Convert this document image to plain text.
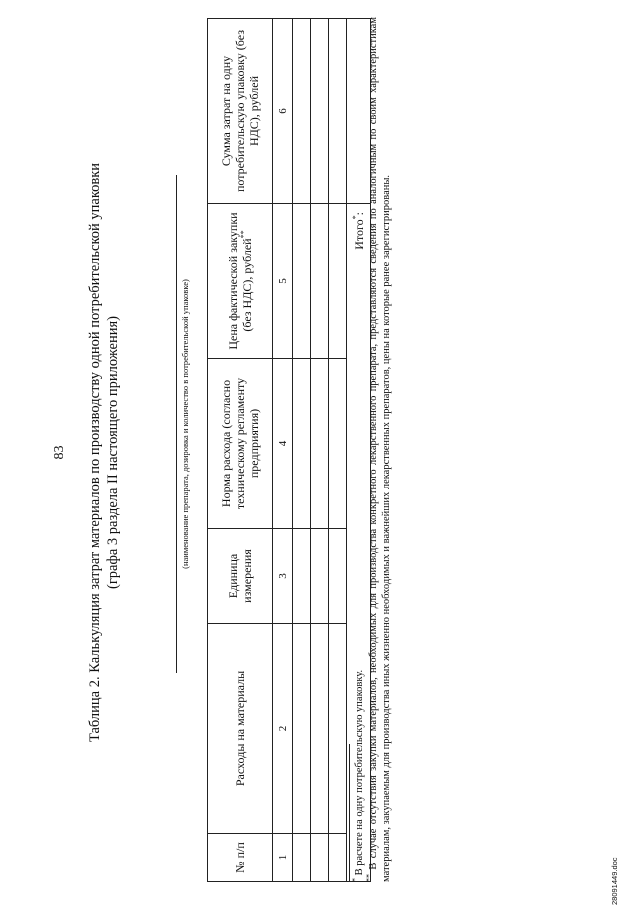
83 Таблица 2. Калькуляция затрат материалов по производству одной потребительской упаковки (графа 3 раздела II настоящего приложения)	(наименование препарата, дозировка и количество в потребительской упаковке)
№ п/п	Расходы на материалы	Единица измерения	Норма расхода (согласно техническому регламенту предприятия)	Цена фактической закупки (без НДС), рублей**	Сумма затрат на одну потребительскую упаковку (без НДС), рублей
1	2	3	4	5	6

Итого*:					
* В расчете на одну потребительскую упаковку.
** В случае отсутствия закупки материалов, необходимых для производства конкретного лекарственного препарата, представляются сведения по аналогичным по своим характеристикам материалам, закупаемым для производства иных жизненно необходимых и важнейших лекарственных препаратов, цены на которые ранее зарегистрированы.	28091449.doc
